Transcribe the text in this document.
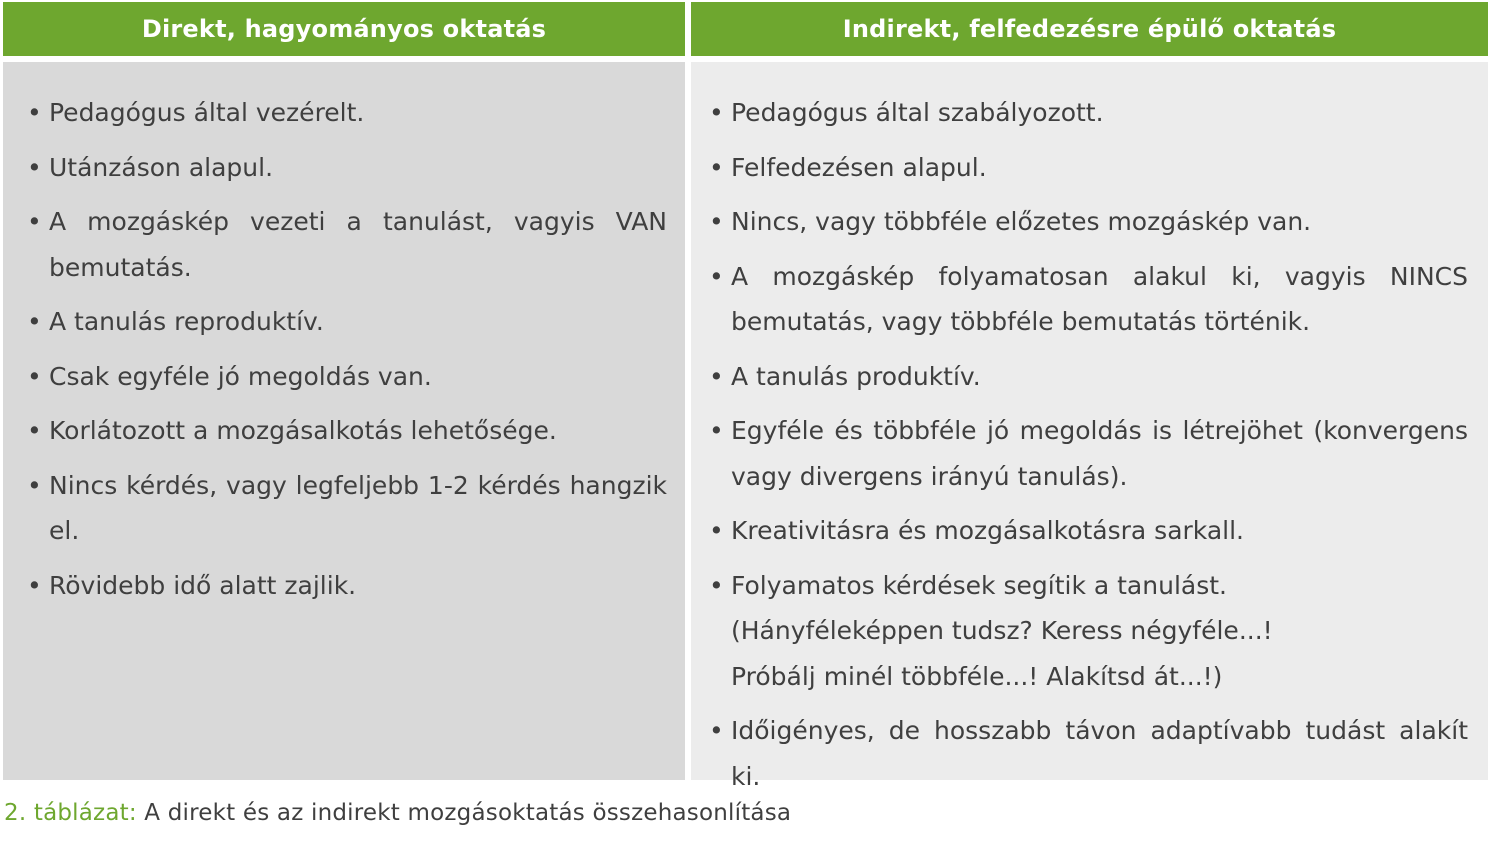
Direkt, hagyományos oktatás	Indirekt, felfedezésre épülő oktatás
• Pedagógus által vezérelt.
• Utánzáson alapul.
• A mozgáskép vezeti a tanulást, vagyis VAN bemutatás.
• A tanulás reproduktív.
• Csak egyféle jó megoldás van.
• Korlátozott a mozgásalkotás lehetősége.
• Nincs kérdés, vagy legfeljebb 1-2 kérdés hangzik el.
• Rövidebb idő alatt zajlik.
• Pedagógus által szabályozott.
• Felfedezésen alapul.
• Nincs, vagy többféle előzetes mozgáskép van.
• A mozgáskép folyamatosan alakul ki, vagyis NINCS bemutatás, vagy többféle bemutatás történik.
• A tanulás produktív.
• Egyféle és többféle jó megoldás is létrejöhet (konvergens vagy divergens irányú tanulás).
• Kreativitásra és mozgásalkotásra sarkall.
• Folyamatos kérdések segítik a tanulást.
(Hányféleképpen tudsz? Keress négyféle...!
Próbálj minél többféle...! Alakítsd át...!)
• Időigényes, de hosszabb távon adaptívabb tudást alakít ki.
2. táblázat: A direkt és az indirekt mozgásoktatás összehasonlítása
